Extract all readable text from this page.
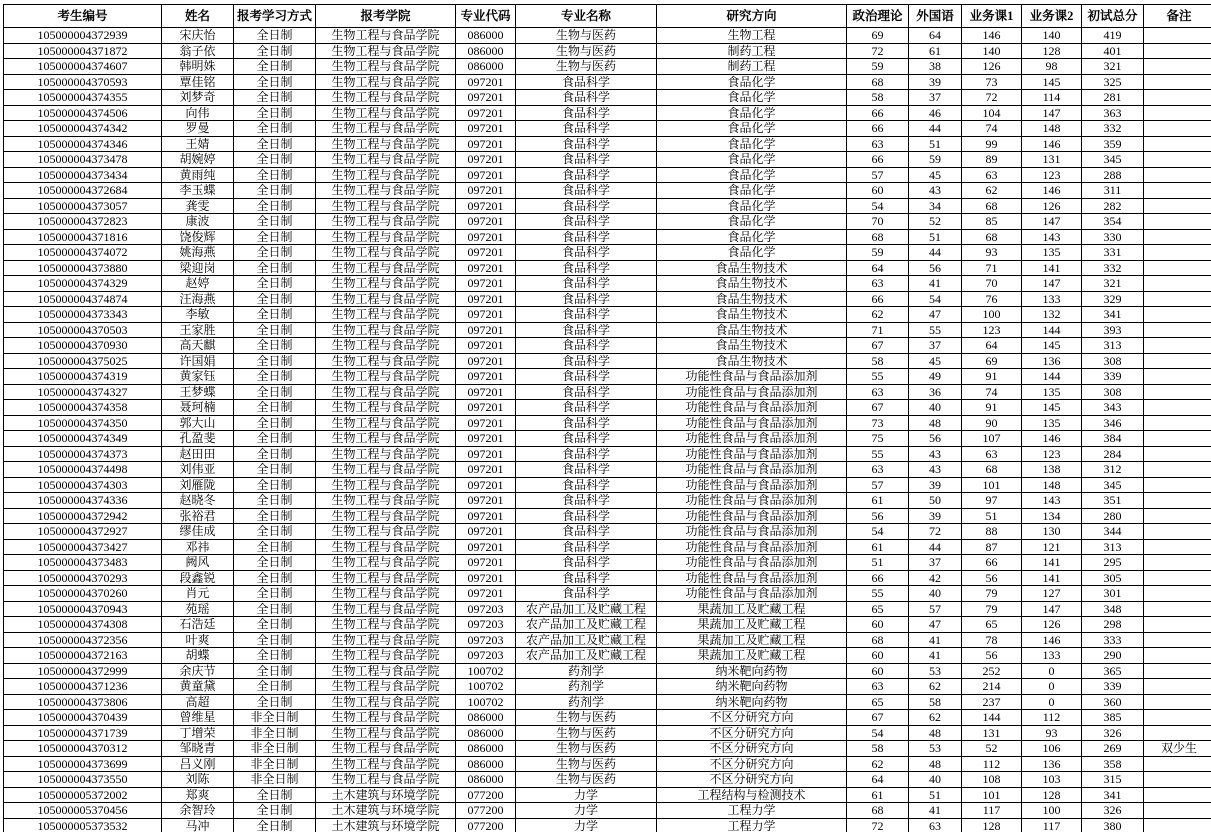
考生编号	姓名	报考学习方式	报考学院	专业代码	专业名称	研究方向	政治理论	外国语	业务课1	业务课2	初试总分	备注
105000004372939	宋庆怡	全日制	生物工程与食品学院	086000	生物与医药	生物工程	69	64	146	140	419	
105000004371872	翁子依	全日制	生物工程与食品学院	086000	生物与医药	制药工程	72	61	140	128	401	
105000004374607	韩明姝	全日制	生物工程与食品学院	086000	生物与医药	制药工程	59	38	126	98	321	
105000004370593	覃佳铭	全日制	生物工程与食品学院	097201	食品科学	食品化学	68	39	73	145	325	
105000004374355	刘梦奇	全日制	生物工程与食品学院	097201	食品科学	食品化学	58	37	72	114	281	
105000004374506	向伟	全日制	生物工程与食品学院	097201	食品科学	食品化学	66	46	104	147	363	
105000004374342	罗曼	全日制	生物工程与食品学院	097201	食品科学	食品化学	66	44	74	148	332	
105000004374346	王婧	全日制	生物工程与食品学院	097201	食品科学	食品化学	63	51	99	146	359	
105000004373478	胡婉婷	全日制	生物工程与食品学院	097201	食品科学	食品化学	66	59	89	131	345	
105000004373434	黄雨纯	全日制	生物工程与食品学院	097201	食品科学	食品化学	57	45	63	123	288	
105000004372684	李玉蝶	全日制	生物工程与食品学院	097201	食品科学	食品化学	60	43	62	146	311	
105000004373057	龚雯	全日制	生物工程与食品学院	097201	食品科学	食品化学	54	34	68	126	282	
105000004372823	康波	全日制	生物工程与食品学院	097201	食品科学	食品化学	70	52	85	147	354	
105000004371816	饶俊辉	全日制	生物工程与食品学院	097201	食品科学	食品化学	68	51	68	143	330	
105000004374072	姚海燕	全日制	生物工程与食品学院	097201	食品科学	食品化学	59	44	93	135	331	
105000004373880	梁迎岗	全日制	生物工程与食品学院	097201	食品科学	食品生物技术	64	56	71	141	332	
105000004374329	赵婷	全日制	生物工程与食品学院	097201	食品科学	食品生物技术	63	41	70	147	321	
105000004374874	汪海燕	全日制	生物工程与食品学院	097201	食品科学	食品生物技术	66	54	76	133	329	
105000004373343	李敏	全日制	生物工程与食品学院	097201	食品科学	食品生物技术	62	47	100	132	341	
105000004370503	王家胜	全日制	生物工程与食品学院	097201	食品科学	食品生物技术	71	55	123	144	393	
105000004370930	高天麒	全日制	生物工程与食品学院	097201	食品科学	食品生物技术	67	37	64	145	313	
105000004375025	许国娟	全日制	生物工程与食品学院	097201	食品科学	食品生物技术	58	45	69	136	308	
105000004374319	黄家钰	全日制	生物工程与食品学院	097201	食品科学	功能性食品与食品添加剂	55	49	91	144	339	
105000004374327	王梦蝶	全日制	生物工程与食品学院	097201	食品科学	功能性食品与食品添加剂	63	36	74	135	308	
105000004374358	聂珂楠	全日制	生物工程与食品学院	097201	食品科学	功能性食品与食品添加剂	67	40	91	145	343	
105000004374350	郭大山	全日制	生物工程与食品学院	097201	食品科学	功能性食品与食品添加剂	73	48	90	135	346	
105000004374349	孔盈斐	全日制	生物工程与食品学院	097201	食品科学	功能性食品与食品添加剂	75	56	107	146	384	
105000004374373	赵田田	全日制	生物工程与食品学院	097201	食品科学	功能性食品与食品添加剂	55	43	63	123	284	
105000004374498	刘伟亚	全日制	生物工程与食品学院	097201	食品科学	功能性食品与食品添加剂	63	43	68	138	312	
105000004374303	刘雁陇	全日制	生物工程与食品学院	097201	食品科学	功能性食品与食品添加剂	57	39	101	148	345	
105000004374336	赵晓冬	全日制	生物工程与食品学院	097201	食品科学	功能性食品与食品添加剂	61	50	97	143	351	
105000004372942	张裕君	全日制	生物工程与食品学院	097201	食品科学	功能性食品与食品添加剂	56	39	51	134	280	
105000004372927	缪佳成	全日制	生物工程与食品学院	097201	食品科学	功能性食品与食品添加剂	54	72	88	130	344	
105000004373427	邓祎	全日制	生物工程与食品学院	097201	食品科学	功能性食品与食品添加剂	61	44	87	121	313	
105000004373483	阙风	全日制	生物工程与食品学院	097201	食品科学	功能性食品与食品添加剂	51	37	66	141	295	
105000004370293	段鑫锐	全日制	生物工程与食品学院	097201	食品科学	功能性食品与食品添加剂	66	42	56	141	305	
105000004370260	肖元	全日制	生物工程与食品学院	097201	食品科学	功能性食品与食品添加剂	55	40	79	127	301	
105000004370943	苑瑶	全日制	生物工程与食品学院	097203	农产品加工及贮藏工程	果蔬加工及贮藏工程	65	57	79	147	348	
105000004374308	石浩廷	全日制	生物工程与食品学院	097203	农产品加工及贮藏工程	果蔬加工及贮藏工程	60	47	65	126	298	
105000004372356	叶爽	全日制	生物工程与食品学院	097203	农产品加工及贮藏工程	果蔬加工及贮藏工程	68	41	78	146	333	
105000004372163	胡蝶	全日制	生物工程与食品学院	097203	农产品加工及贮藏工程	果蔬加工及贮藏工程	60	41	56	133	290	
105000004372999	余庆节	全日制	生物工程与食品学院	100702	药剂学	纳米靶向药物	60	53	252	0	365	
105000004371236	黄童黛	全日制	生物工程与食品学院	100702	药剂学	纳米靶向药物	63	62	214	0	339	
105000004373806	高超	全日制	生物工程与食品学院	100702	药剂学	纳米靶向药物	65	58	237	0	360	
105000004370439	曾维星	非全日制	生物工程与食品学院	086000	生物与医药	不区分研究方向	67	62	144	112	385	
105000004371739	丁增荣	非全日制	生物工程与食品学院	086000	生物与医药	不区分研究方向	54	48	131	93	326	
105000004370312	邹晓青	非全日制	生物工程与食品学院	086000	生物与医药	不区分研究方向	58	53	52	106	269	双少生
105000004373699	吕义刚	非全日制	生物工程与食品学院	086000	生物与医药	不区分研究方向	62	48	112	136	358	
105000004373550	刘陈	非全日制	生物工程与食品学院	086000	生物与医药	不区分研究方向	64	40	108	103	315	
105000005372002	郑爽	全日制	土木建筑与环境学院	077200	力学	工程结构与检测技术	61	51	101	128	341	
105000005370456	余智玲	全日制	土木建筑与环境学院	077200	力学	工程力学	68	41	117	100	326	
105000005373532	马冲	全日制	土木建筑与环境学院	077200	力学	工程力学	72	63	128	117	380	
